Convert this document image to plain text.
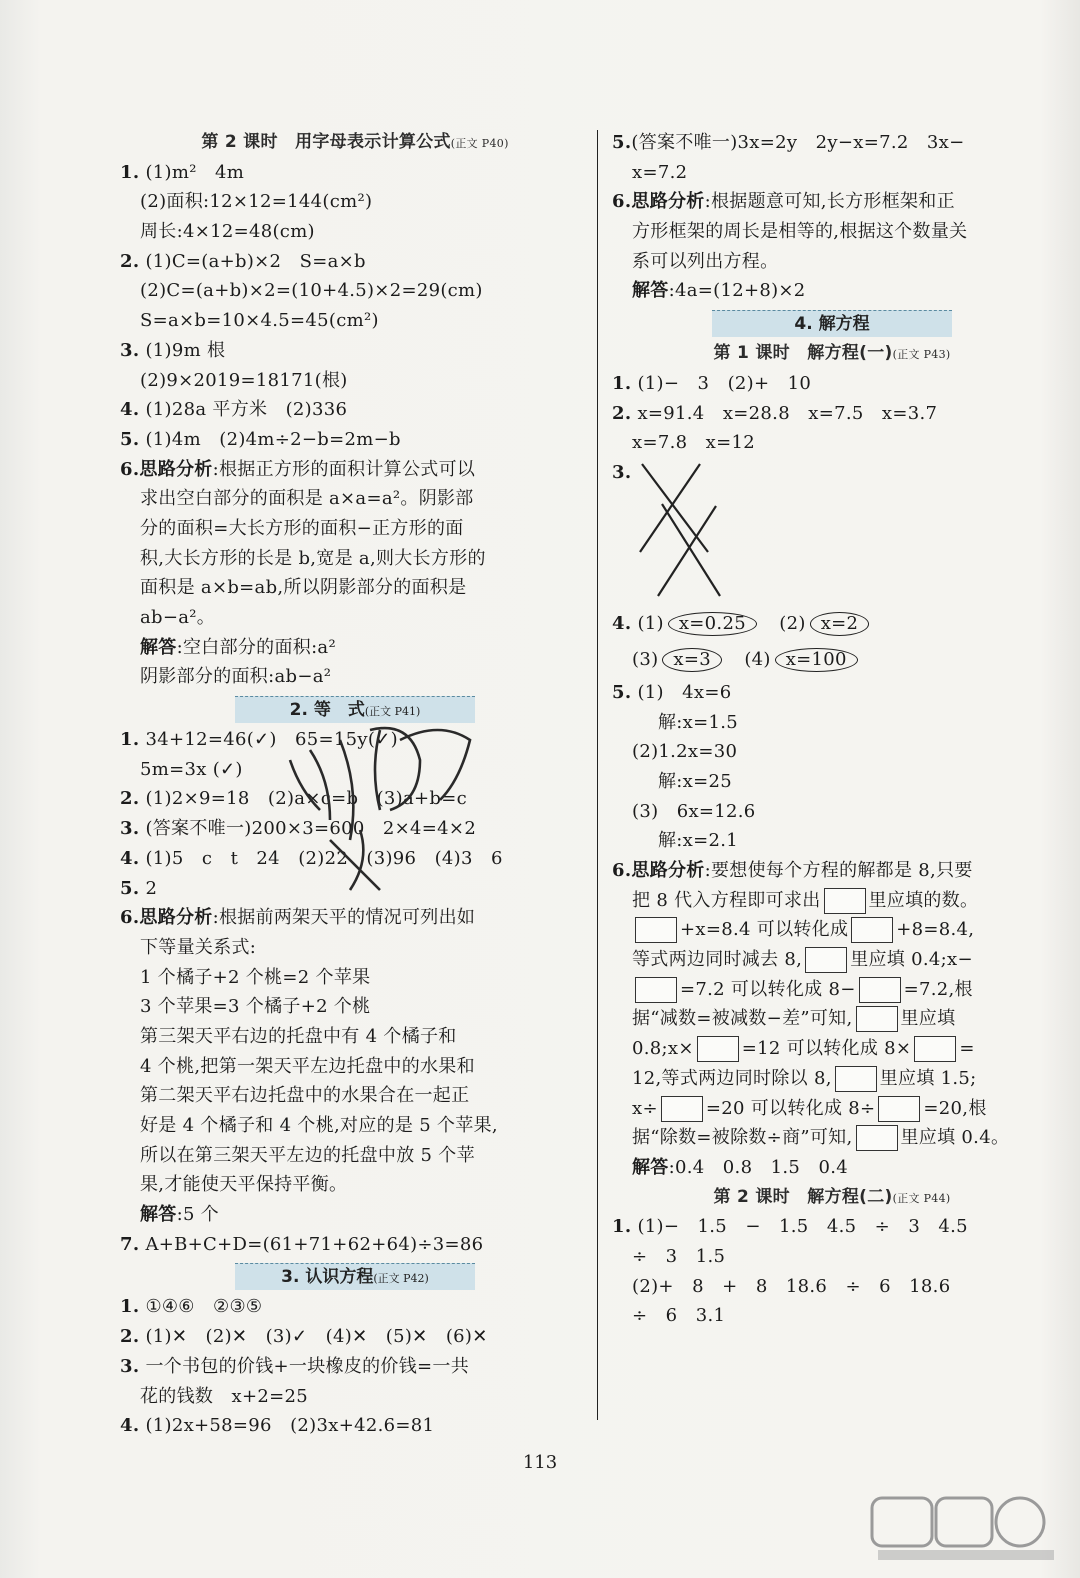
第 2 课时　用字母表示计算公式(正文 P40)
1. (1)m²　4m
(2)面积:12×12=144(cm²)
周长:4×12=48(cm)
2. (1)C=(a+b)×2　S=a×b
(2)C=(a+b)×2=(10+4.5)×2=29(cm)
S=a×b=10×4.5=45(cm²)
3. (1)9m 根
(2)9×2019=18171(根)
4. (1)28a 平方米　(2)336
5. (1)4m　(2)4m÷2−b=2m−b
6.思路分析:根据正方形的面积计算公式可以
求出空白部分的面积是 a×a=a²。阴影部
分的面积=大长方形的面积−正方形的面
积,大长方形的长是 b,宽是 a,则大长方形的
面积是 a×b=ab,所以阴影部分的面积是
ab−a²。
解答:空白部分的面积:a²
阴影部分的面积:ab−a²
2. 等　式(正文 P41)
1. 34+12=46(✓)　65=15y(✓)
5m=3x (✓)
2. (1)2×9=18　(2)a×c=b　(3)a+b=c
3. (答案不唯一)200×3=600　2×4=4×2
4. (1)5　c　t　24　(2)22　(3)96　(4)3　6
5. 2
6.思路分析:根据前两架天平的情况可列出如
下等量关系式:
1 个橘子+2 个桃=2 个苹果
3 个苹果=3 个橘子+2 个桃
第三架天平右边的托盘中有 4 个橘子和
4 个桃,把第一架天平左边托盘中的水果和
第二架天平右边托盘中的水果合在一起正
好是 4 个橘子和 4 个桃,对应的是 5 个苹果,
所以在第三架天平左边的托盘中放 5 个苹
果,才能使天平保持平衡。
解答:5 个
7. A+B+C+D=(61+71+62+64)÷3=86
3. 认识方程(正文 P42)
1. ①④⑥　②③⑤
2. (1)✕　(2)✕　(3)✓　(4)✕　(5)✕　(6)✕
3. 一个书包的价钱+一块橡皮的价钱=一共
花的钱数　x+2=25
4. (1)2x+58=96　(2)3x+42.6=81
5.(答案不唯一)3x=2y　2y−x=7.2　3x−
x=7.2
6.思路分析:根据题意可知,长方形框架和正
方形框架的周长是相等的,根据这个数量关
系可以列出方程。
解答:4a=(12+8)×2
4. 解方程
第 1 课时　解方程(一)(正文 P43)
1. (1)−　3　(2)+　10
2. x=91.4　x=28.8　x=7.5　x=3.7
x=7.8　x=12
3.
4. (1) x=0.25　 (2) x=2
(3) x=3　 (4) x=100
5. (1)　4x=6
解:x=1.5
(2)1.2x=30
解:x=25
(3)　6x=12.6
解:x=2.1
6.思路分析:要想使每个方程的解都是 8,只要
把 8 代入方程即可求出	里应填的数。
+x=8.4 可以转化成	+8=8.4,
等式两边同时减去 8,	里应填 0.4;x−
=7.2 可以转化成 8−	=7.2,根
据“减数=被减数−差”可知,	里应填
0.8;x×	=12 可以转化成 8×	=
12,等式两边同时除以 8,	里应填 1.5;
x÷	=20 可以转化成 8÷	=20,根
据“除数=被除数÷商”可知,	里应填 0.4。
解答:0.4　0.8　1.5　0.4
第 2 课时　解方程(二)(正文 P44)
1. (1)−　1.5　−　1.5　4.5　÷　3　4.5
÷　3　1.5
(2)+　8　+　8　18.6　÷　6　18.6
÷　6　3.1
113
